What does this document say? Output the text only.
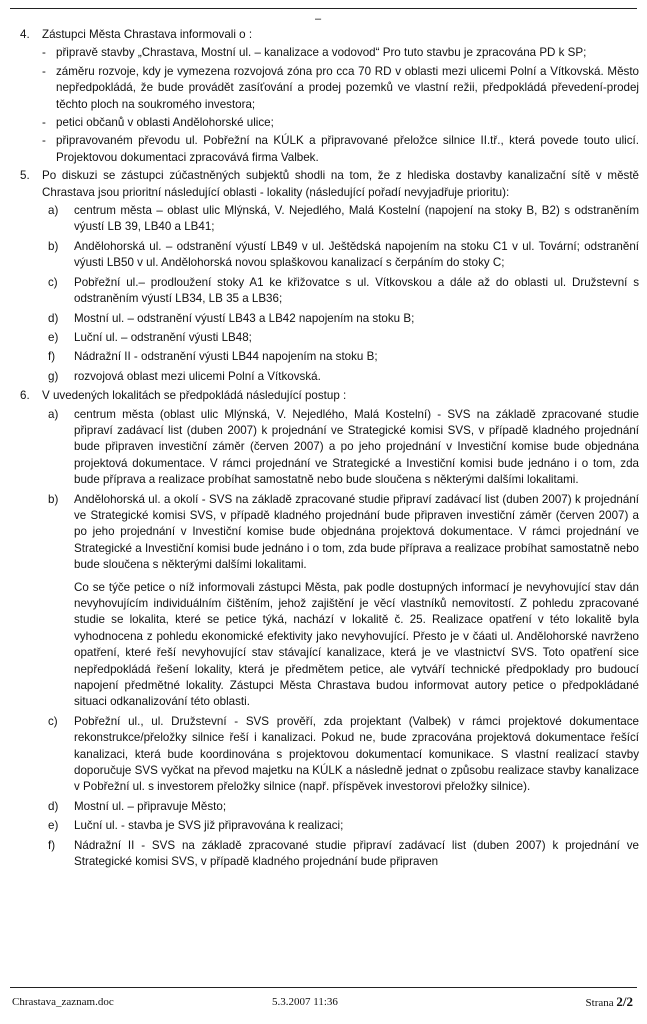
–
4. Zástupci Města Chrastava informovali o :
- připravě stavby „Chrastava, Mostní ul. – kanalizace a vodovod“ Pro tuto stavbu je zpracována PD k SP;
- záměru rozvoje, kdy je vymezena rozvojová zóna pro cca 70 RD v oblasti mezi ulicemi Polní a Vítkovská. Město nepředpokládá, že bude provádět zasíťování a prodej pozemků ve vlastní režii, předpokládá převedení-prodej těchto ploch na soukromého investora;
- petici občanů v oblasti Andělohorské ulice;
- připravovaném převodu ul. Pobřežní na KÚLK a připravované přeložce silnice II.tř., která povede touto ulicí. Projektovou dokumentaci zpracovává firma Valbek.
5. Po diskuzi se zástupci zúčastněných subjektů shodli na tom, že z hlediska dostavby kanalizační sítě v městě Chrastava jsou prioritní následující oblasti - lokality (následující pořadí nevyjadřuje prioritu):
a) centrum města – oblast ulic Mlýnská, V. Nejedlého, Malá Kostelní (napojení na stoky B, B2) s odstraněním výustí LB 39, LB40 a LB41;
b) Andělohorská ul. – odstranění výustí LB49 v ul. Ještědská napojením na stoku C1 v ul. Tovární; odstranění výusti LB50 v ul. Andělohorská novou splaškovou kanalizací s čerpáním do stoky C;
c) Pobřežní ul.– prodloužení stoky A1 ke křižovatce s ul. Vítkovskou a dále až do oblasti ul. Družstevní s odstraněním výustí LB34, LB 35 a LB36;
d) Mostní ul. – odstranění výustí LB43 a LB42 napojením na stoku B;
e) Luční ul. – odstranění výusti LB48;
f) Nádražní II - odstranění výusti LB44 napojením na stoku B;
g) rozvojová oblast mezi ulicemi Polní a Vítkovská.
6. V uvedených lokalitách se předpokládá následující postup :
a) centrum města (oblast ulic Mlýnská, V. Nejedlého, Malá Kostelní) - SVS na základě zpracované studie připraví zadávací list (duben 2007) k projednání ve Strategické komisi SVS, v případě kladného projednání bude připraven investiční záměr (červen 2007) a po jeho projednání v Investiční komise bude objednána projektová dokumentace. V rámci projednání ve Strategické a Investiční komisi bude jednáno i o tom, zda bude příprava a realizace probíhat samostatně nebo bude sloučena s některými dalšími lokalitami.
b) Andělohorská ul. a okolí - SVS na základě zpracované studie připraví zadávací list (duben 2007) k projednání ve Strategické komisi SVS, v případě kladného projednání bude připraven investiční záměr (červen 2007) a po jeho projednání v Investiční komise bude objednána projektová dokumentace. V rámci projednání ve Strategické a Investiční komisi bude jednáno i o tom, zda bude příprava a realizace probíhat samostatně nebo bude sloučena s některými dalšími lokalitami.
Co se týče petice o níž informovali zástupci Města, pak podle dostupných informací je nevyhovující stav dán nevyhovujícím individuálním čištěním, jehož zajištění je věcí vlastníků nemovitostí. Z pohledu zpracované studie se lokalita, které se petice týká, nachází v lokalitě č. 25. Realizace opatření v této lokalitě byla vyhodnocena z pohledu ekonomické efektivity jako nevyhovující. Přesto je v čáati ul. Andělohorské navrženo opatření, které řeší nevyhovující stav stávající kanalizace, která je ve vlastnictví SVS. Toto opatření sice nepředpokládá řešení lokality, která je předmětem petice, ale vytváří technické předpoklady pro budoucí napojení předmětné lokality. Zástupci Města Chrastava budou informovat autory petice o předpokládané situaci odkanalizování této oblasti.
c) Pobřežní ul., ul. Družstevní - SVS prověří, zda projektant (Valbek) v rámci projektové dokumentace rekonstrukce/přeložky silnice řeší i kanalizaci. Pokud ne, bude zpracována projektová dokumentace řešící kanalizaci, která bude koordinována s projektovou dokumentací komunikace. S vlastní realizací stavby doporučuje SVS vyčkat na převod majetku na KÚLK a následně jednat o způsobu realizace stavby kanalizace v Pobřežní ul. s investorem přeložky silnice (např. příspěvek investorovi přeložky silnice).
d) Mostní ul. – připravuje Město;
e) Luční ul. - stavba je SVS již připravována k realizaci;
f) Nádražní II - SVS na základě zpracované studie připraví zadávací list (duben 2007) k projednání ve Strategické komisi SVS, v případě kladného projednání bude připraven
Chrastava_zaznam.doc	5.3.2007 11:36	Strana 2/2
